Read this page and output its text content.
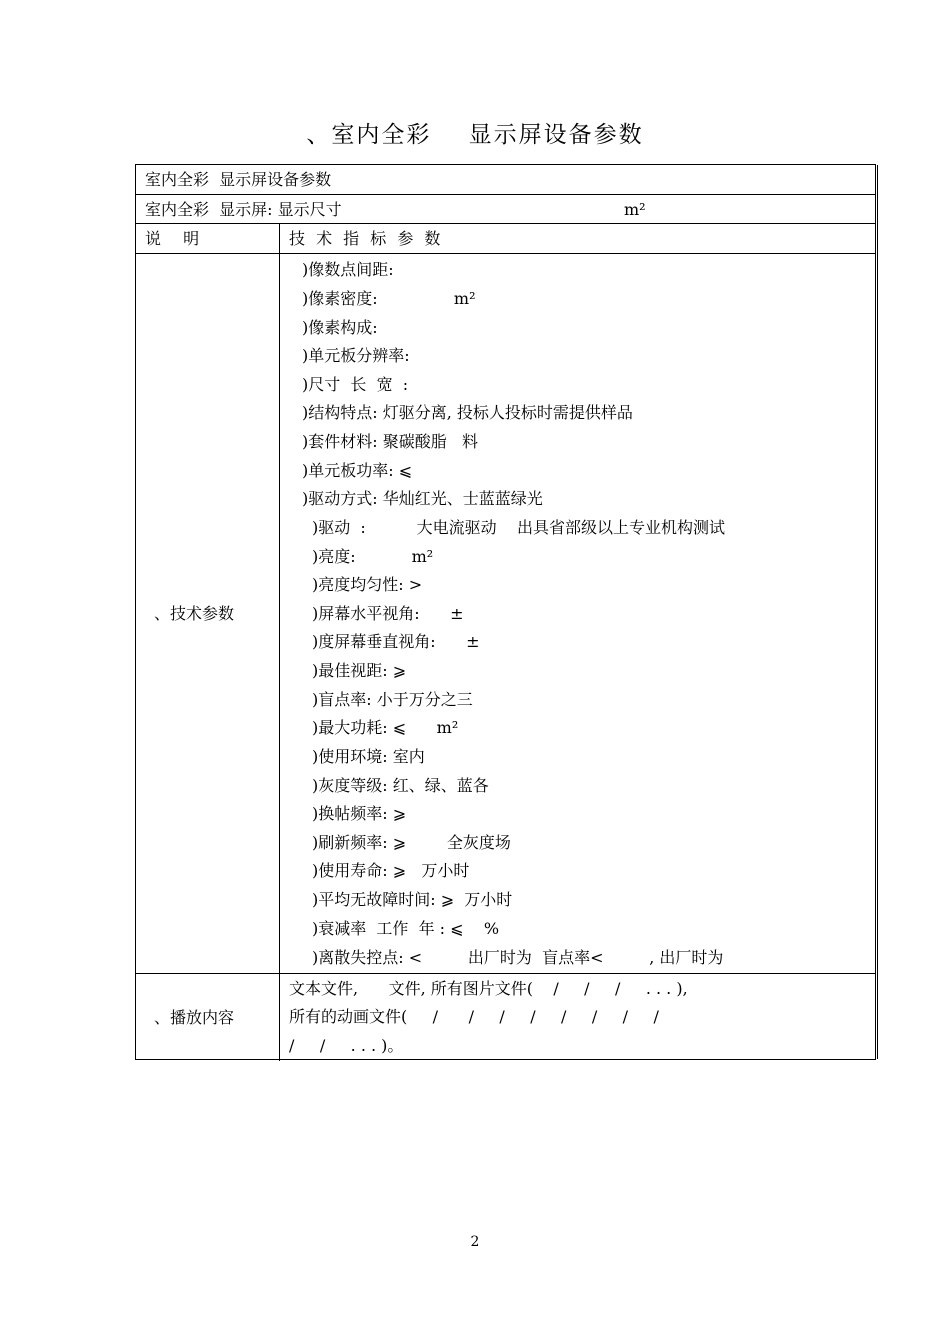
、室内全彩    显示屏设备参数
室内全彩  显示屏设备参数
室内全彩  显示屏: 显示尺寸	m²
说  明	技 术 指 标 参 数
、技术参数
)像数点间距:
)像素密度:               m²
)像素构成:
)单元板分辨率:
)尺寸  长  宽  :
)结构特点: 灯驱分离, 投标人投标时需提供样品
)套件材料: 聚碳酸脂   料
)单元板功率: ⩽
)驱动方式: 华灿红光、士蓝蓝绿光
)驱动  :          大电流驱动    出具省部级以上专业机构测试
)亮度:           m²
)亮度均匀性: >
)屏幕水平视角:      ±
)度屏幕垂直视角:      ±
)最佳视距: ⩾
)盲点率: 小于万分之三
)最大功耗: ⩽      m²
)使用环境: 室内
)灰度等级: 红、绿、蓝各
)换帖频率: ⩾
)刷新频率: ⩾        全灰度场
)使用寿命: ⩾   万小时
)平均无故障时间: ⩾  万小时
)衰减率  工作  年 : ⩽    %
)离散失控点: <         出厂时为  盲点率<         , 出厂时为
、播放内容
文本文件,      文件, 所有图片文件(    /     /     /     . . . ),
所有的动画文件(     /      /     /     /     /     /     /     /
/     /     . . . )。
2
